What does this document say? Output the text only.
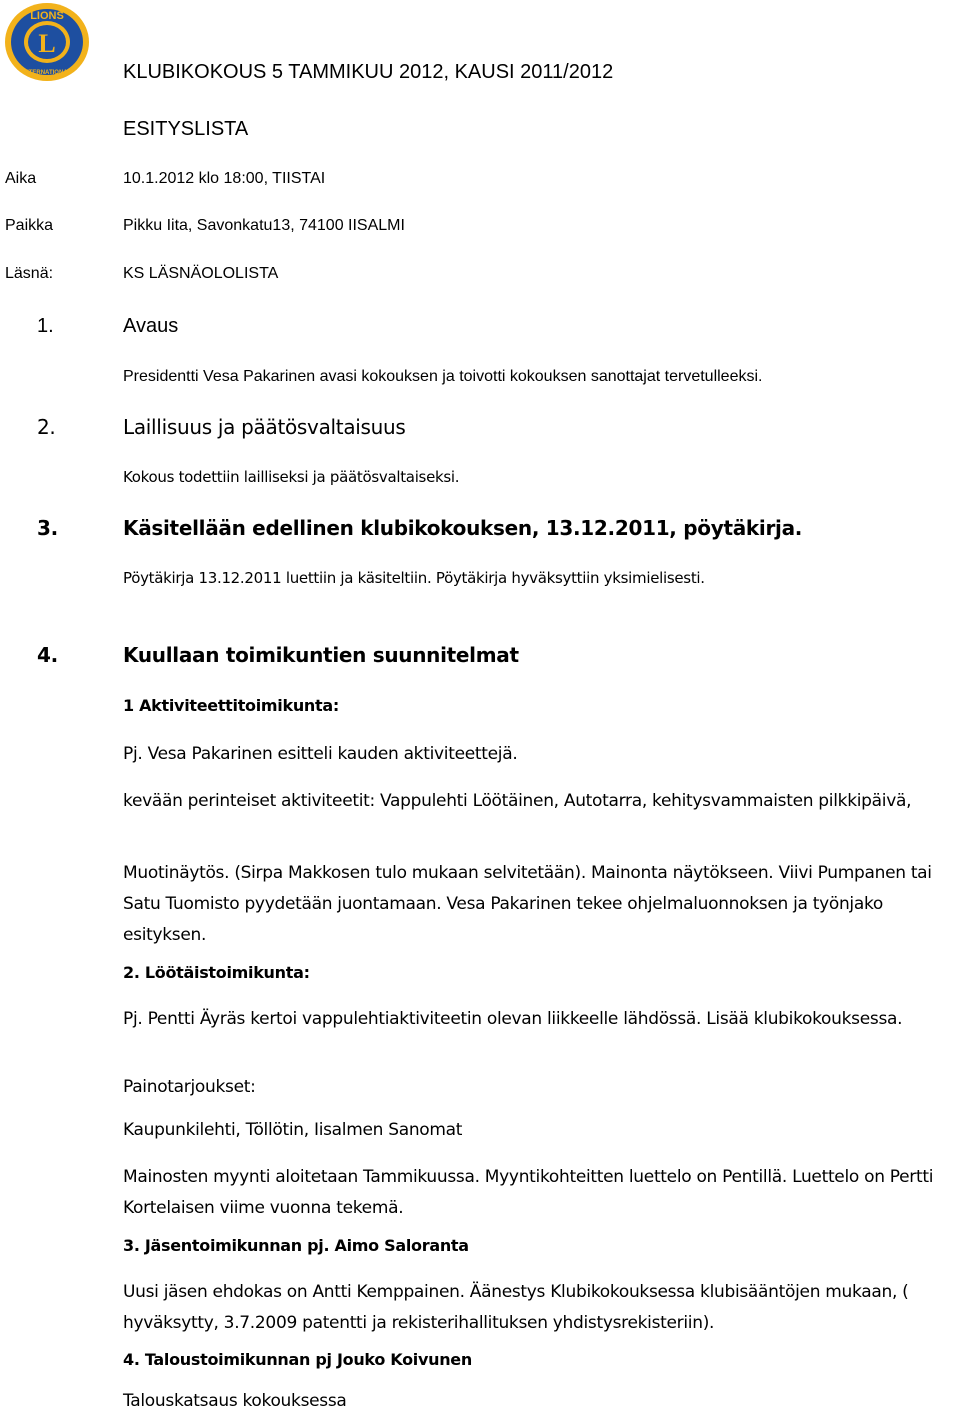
L
LIONS
INTERNATIONAL	KLUBIKOKOUS 5 TAMMIKUU 2012, KAUSI 2011/2012
ESITYSLISTA
Aika	10.1.2012 klo 18:00, TIISTAI
Paikka	Pikku Iita, Savonkatu13, 74100 IISALMI
Läsnä:	KS LÄSNÄOLOLISTA
1.	Avaus
Presidentti Vesa Pakarinen avasi kokouksen ja toivotti kokouksen sanottajat tervetulleeksi.
2.	Laillisuus ja päätösvaltaisuus
Kokous todettiin lailliseksi ja päätösvaltaiseksi.
3.	Käsitellään edellinen klubikokouksen, 13.12.2011, pöytäkirja.
Pöytäkirja 13.12.2011 luettiin ja käsiteltiin. Pöytäkirja hyväksyttiin yksimielisesti.
4.	Kuullaan toimikuntien suunnitelmat
1 Aktiviteettitoimikunta:
Pj. Vesa Pakarinen esitteli kauden aktiviteettejä.
kevään perinteiset aktiviteetit: Vappulehti Löötäinen, Autotarra, kehitysvammaisten pilkkipäivä,
Muotinäytös. (Sirpa Makkosen tulo mukaan selvitetään). Mainonta näytökseen. Viivi Pumpanen tai Satu Tuomisto pyydetään juontamaan. Vesa Pakarinen tekee ohjelmaluonnoksen ja työnjako esityksen.
2. Löötäistoimikunta:
Pj. Pentti Äyräs kertoi vappulehtiaktiviteetin olevan liikkeelle lähdössä. Lisää klubikokouksessa.
Painotarjoukset:
Kaupunkilehti, Töllötin, Iisalmen Sanomat
Mainosten myynti aloitetaan Tammikuussa. Myyntikohteitten luettelo on Pentillä. Luettelo on Pertti Kortelaisen viime vuonna tekemä.
3. Jäsentoimikunnan pj. Aimo Saloranta
Uusi jäsen ehdokas on Antti Kemppainen. Äänestys Klubikokouksessa klubisääntöjen mukaan, ( hyväksytty, 3.7.2009 patentti ja rekisterihallituksen yhdistysrekisteriin).
4. Taloustoimikunnan pj Jouko Koivunen
Talouskatsaus kokouksessa
